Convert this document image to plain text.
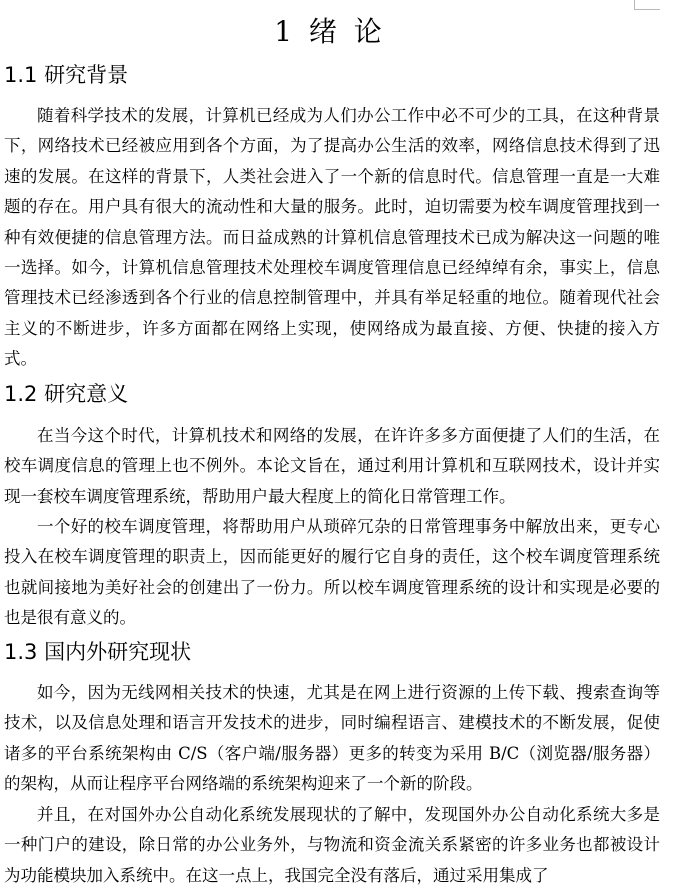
1 绪 论
1.1 研究背景

随着科学技术的发展，计算机已经成为人们办公工作中必不可少的工具，在这种背景下，网络技术已经被应用到各个方面，为了提高办公生活的效率，网络信息技术得到了迅速的发展。在这样的背景下，人类社会进入了一个新的信息时代。信息管理一直是一大难题的存在。用户具有很大的流动性和大量的服务。此时，迫切需要为校车调度管理找到一种有效便捷的信息管理方法。而日益成熟的计算机信息管理技术已成为解决这一问题的唯一选择。如今，计算机信息管理技术处理校车调度管理信息已经绰绰有余，事实上，信息管理技术已经渗透到各个行业的信息控制管理中，并具有举足轻重的地位。随着现代社会主义的不断进步，许多方面都在网络上实现，使网络成为最直接、方便、快捷的接入方式。

1.2 研究意义

在当今这个时代，计算机技术和网络的发展，在许许多多方面便捷了人们的生活，在校车调度信息的管理上也不例外。本论文旨在，通过利用计算机和互联网技术，设计并实现一套校车调度管理系统，帮助用户最大程度上的简化日常管理工作。

一个好的校车调度管理，将帮助用户从琐碎冗杂的日常管理事务中解放出来，更专心投入在校车调度管理的职责上，因而能更好的履行它自身的责任，这个校车调度管理系统也就间接地为美好社会的创建出了一份力。所以校车调度管理系统的设计和实现是必要的也是很有意义的。

1.3 国内外研究现状

如今，因为无线网相关技术的快速，尤其是在网上进行资源的上传下载、搜索查询等技术，以及信息处理和语言开发技术的进步，同时编程语言、建模技术的不断发展，促使诸多的平台系统架构由 C/S（客户端/服务器）更多的转变为采用 B/C（浏览器/服务器）的架构，从而让程序平台网络端的系统架构迎来了一个新的阶段。

并且，在对国外办公自动化系统发展现状的了解中，发现国外办公自动化系统大多是一种门户的建设，除日常的办公业务外，与物流和资金流关系紧密的许多业务也都被设计为功能模块加入系统中。在这一点上，我国完全没有落后，通过采用集成了
